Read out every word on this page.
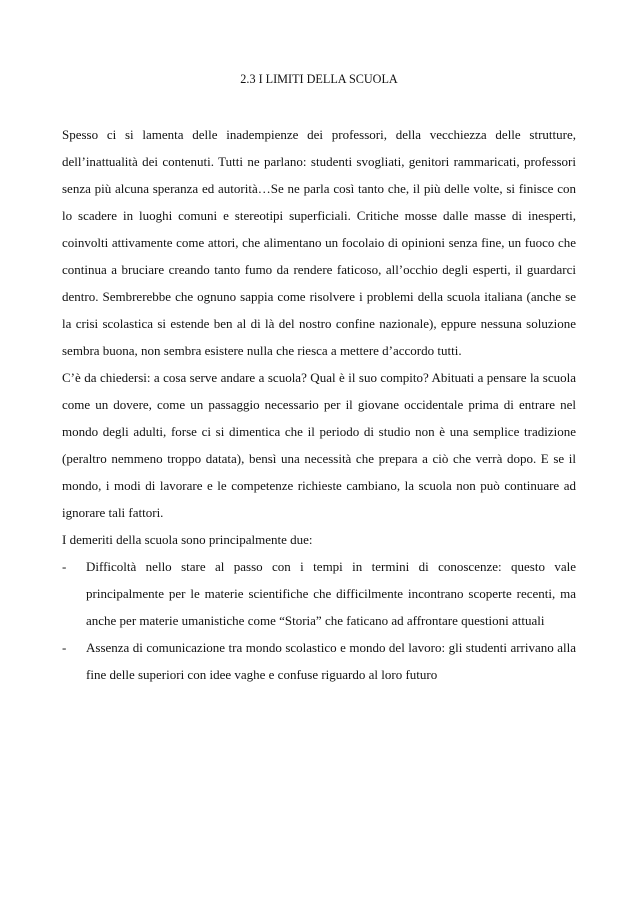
2.3 I LIMITI DELLA SCUOLA

Spesso ci si lamenta delle inadempienze dei professori, della vecchiezza delle strutture, dell’inattualità dei contenuti. Tutti ne parlano: studenti svogliati, genitori rammaricati, professori senza più alcuna speranza ed autorità…Se ne parla così tanto che, il più delle volte, si finisce con lo scadere in luoghi comuni e stereotipi superficiali. Critiche mosse dalle masse di inesperti, coinvolti attivamente come attori, che alimentano un focolaio di opinioni senza fine, un fuoco che continua a bruciare creando tanto fumo da rendere faticoso, all’occhio degli esperti, il guardarci dentro. Sembrerebbe che ognuno sappia come risolvere i problemi della scuola italiana (anche se la crisi scolastica si estende ben al di là del nostro confine nazionale), eppure nessuna soluzione sembra buona, non sembra esistere nulla che riesca a mettere d’accordo tutti.

C’è da chiedersi: a cosa serve andare a scuola? Qual è il suo compito? Abituati a pensare la scuola come un dovere, come un passaggio necessario per il giovane occidentale prima di entrare nel mondo degli adulti, forse ci si dimentica che il periodo di studio non è una semplice tradizione (peraltro nemmeno troppo datata), bensì una necessità che prepara a ciò che verrà dopo. E se il mondo, i modi di lavorare e le competenze richieste cambiano, la scuola non può continuare ad ignorare tali fattori.

I demeriti della scuola sono principalmente due:

- Difficoltà nello stare al passo con i tempi in termini di conoscenze: questo vale principalmente per le materie scientifiche che difficilmente incontrano scoperte recenti, ma anche per materie umanistiche come “Storia” che faticano ad affrontare questioni attuali
- Assenza di comunicazione tra mondo scolastico e mondo del lavoro: gli studenti arrivano alla fine delle superiori con idee vaghe e confuse riguardo al loro futuro
